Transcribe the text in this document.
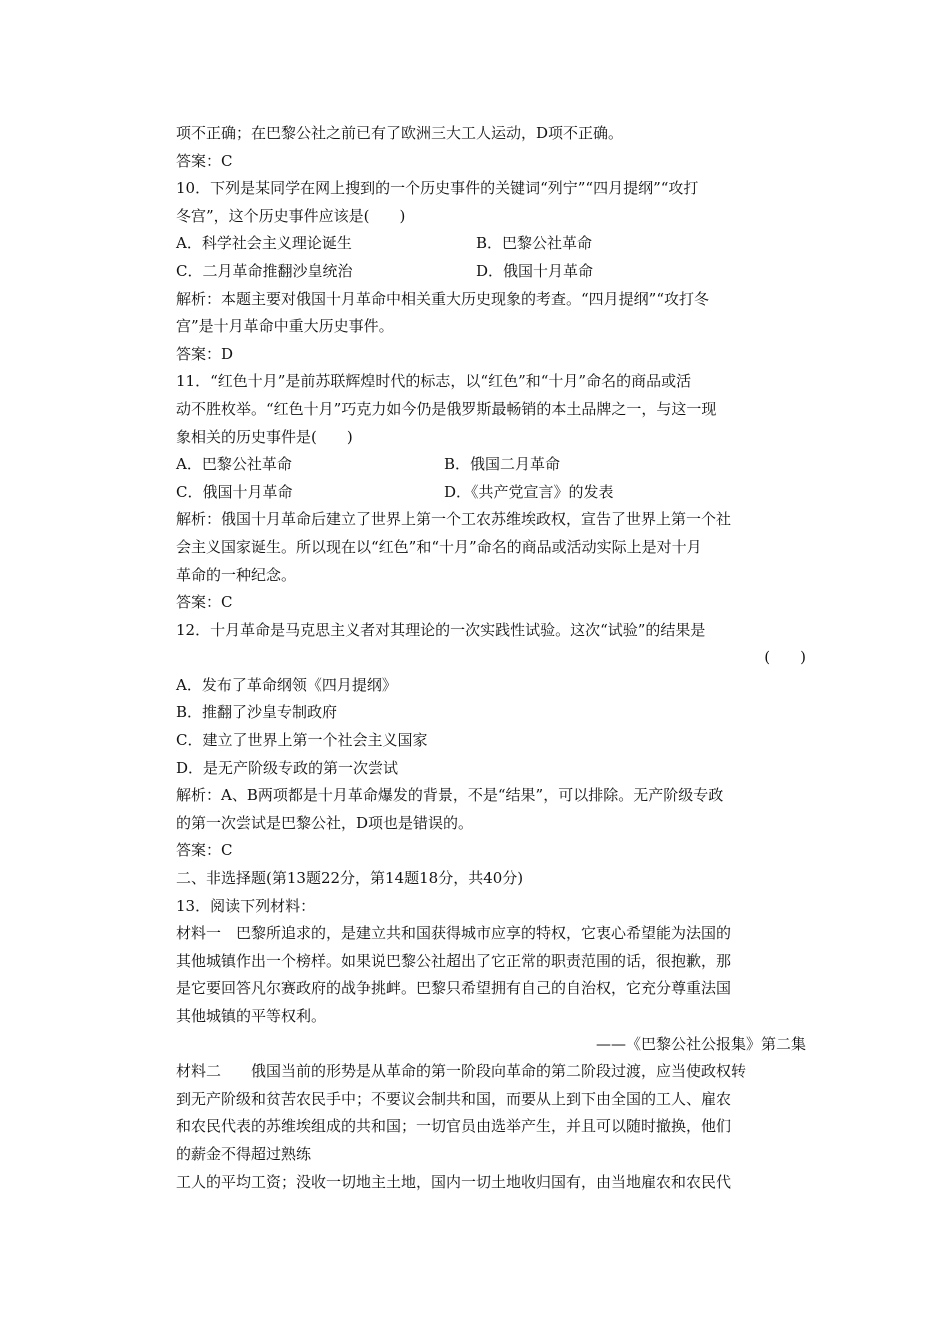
项不正确；在巴黎公社之前已有了欧洲三大工人运动，D项不正确。
答案：C
10．下列是某同学在网上搜到的一个历史事件的关键词“列宁”“四月提纲”“攻打
冬宫”，这个历史事件应该是(　　)
A．科学社会主义理论诞生	B．巴黎公社革命
C．二月革命推翻沙皇统治	D．俄国十月革命
解析：本题主要对俄国十月革命中相关重大历史现象的考查。“四月提纲”“攻打冬
宫”是十月革命中重大历史事件。
答案：D
11．“红色十月”是前苏联辉煌时代的标志，以“红色”和“十月”命名的商品或活
动不胜枚举。“红色十月”巧克力如今仍是俄罗斯最畅销的本土品牌之一，与这一现
象相关的历史事件是(　　)
A．巴黎公社革命	B．俄国二月革命
C．俄国十月革命	D．《共产党宣言》的发表
解析：俄国十月革命后建立了世界上第一个工农苏维埃政权，宣告了世界上第一个社
会主义国家诞生。所以现在以“红色”和“十月”命名的商品或活动实际上是对十月
革命的一种纪念。
答案：C
12．十月革命是马克思主义者对其理论的一次实践性试验。这次“试验”的结果是
(　　)
A．发布了革命纲领《四月提纲》
B．推翻了沙皇专制政府
C．建立了世界上第一个社会主义国家
D．是无产阶级专政的第一次尝试
解析：A、B两项都是十月革命爆发的背景，不是“结果”，可以排除。无产阶级专政
的第一次尝试是巴黎公社，D项也是错误的。
答案：C
二、非选择题(第13题22分，第14题18分，共40分)
13．阅读下列材料：
材料一　巴黎所追求的，是建立共和国获得城市应享的特权，它衷心希望能为法国的
其他城镇作出一个榜样。如果说巴黎公社超出了它正常的职责范围的话，很抱歉，那
是它要回答凡尔赛政府的战争挑衅。巴黎只希望拥有自己的自治权，它充分尊重法国
其他城镇的平等权利。
——《巴黎公社公报集》第二集
材料二　　俄国当前的形势是从革命的第一阶段向革命的第二阶段过渡，应当使政权转
到无产阶级和贫苦农民手中；不要议会制共和国，而要从上到下由全国的工人、雇农
和农民代表的苏维埃组成的共和国；一切官员由选举产生，并且可以随时撤换，他们
的薪金不得超过熟练
工人的平均工资；没收一切地主土地，国内一切土地收归国有，由当地雇农和农民代
